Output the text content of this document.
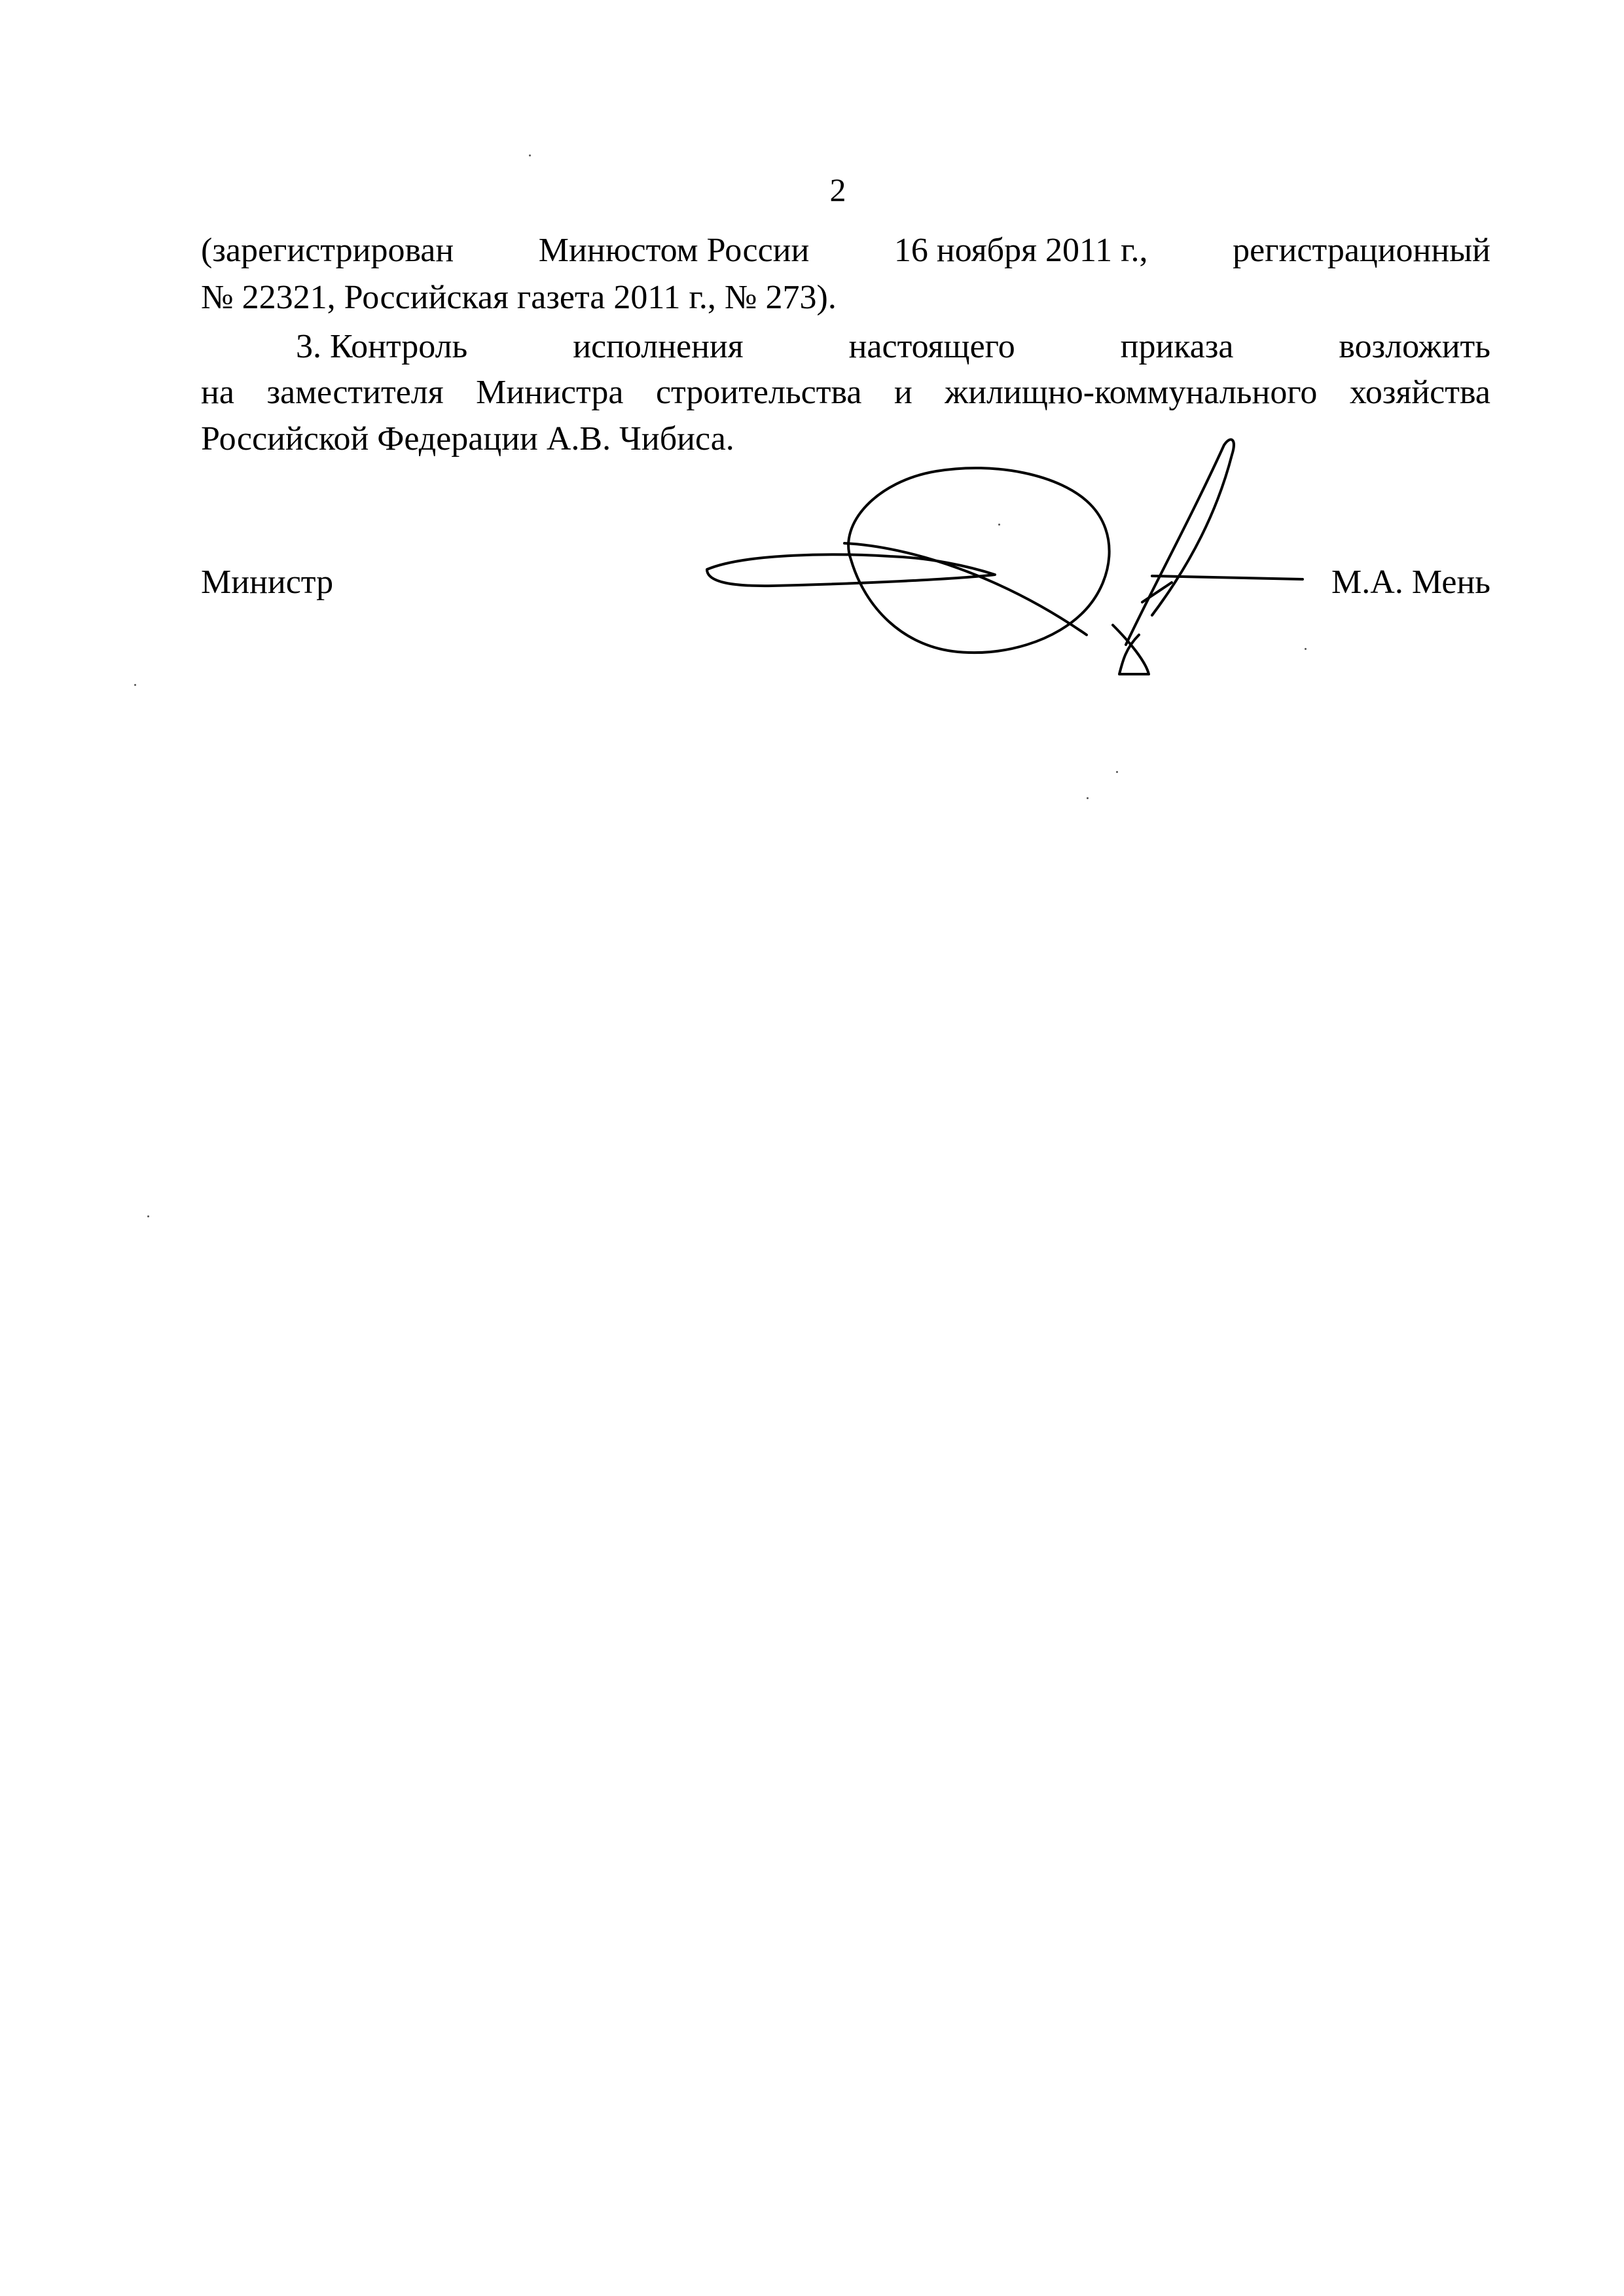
2
(зарегистрирован Минюстом России 16 ноября 2011 г., регистрационный
№ 22321, Российская газета 2011 г., № 273).
3. Контроль	исполнения	настоящего	приказа	возложить
на заместителя Министра строительства и жилищно-коммунального хозяйства
Российской Федерации А.В. Чибиса.
Министр	М.А. Мень
